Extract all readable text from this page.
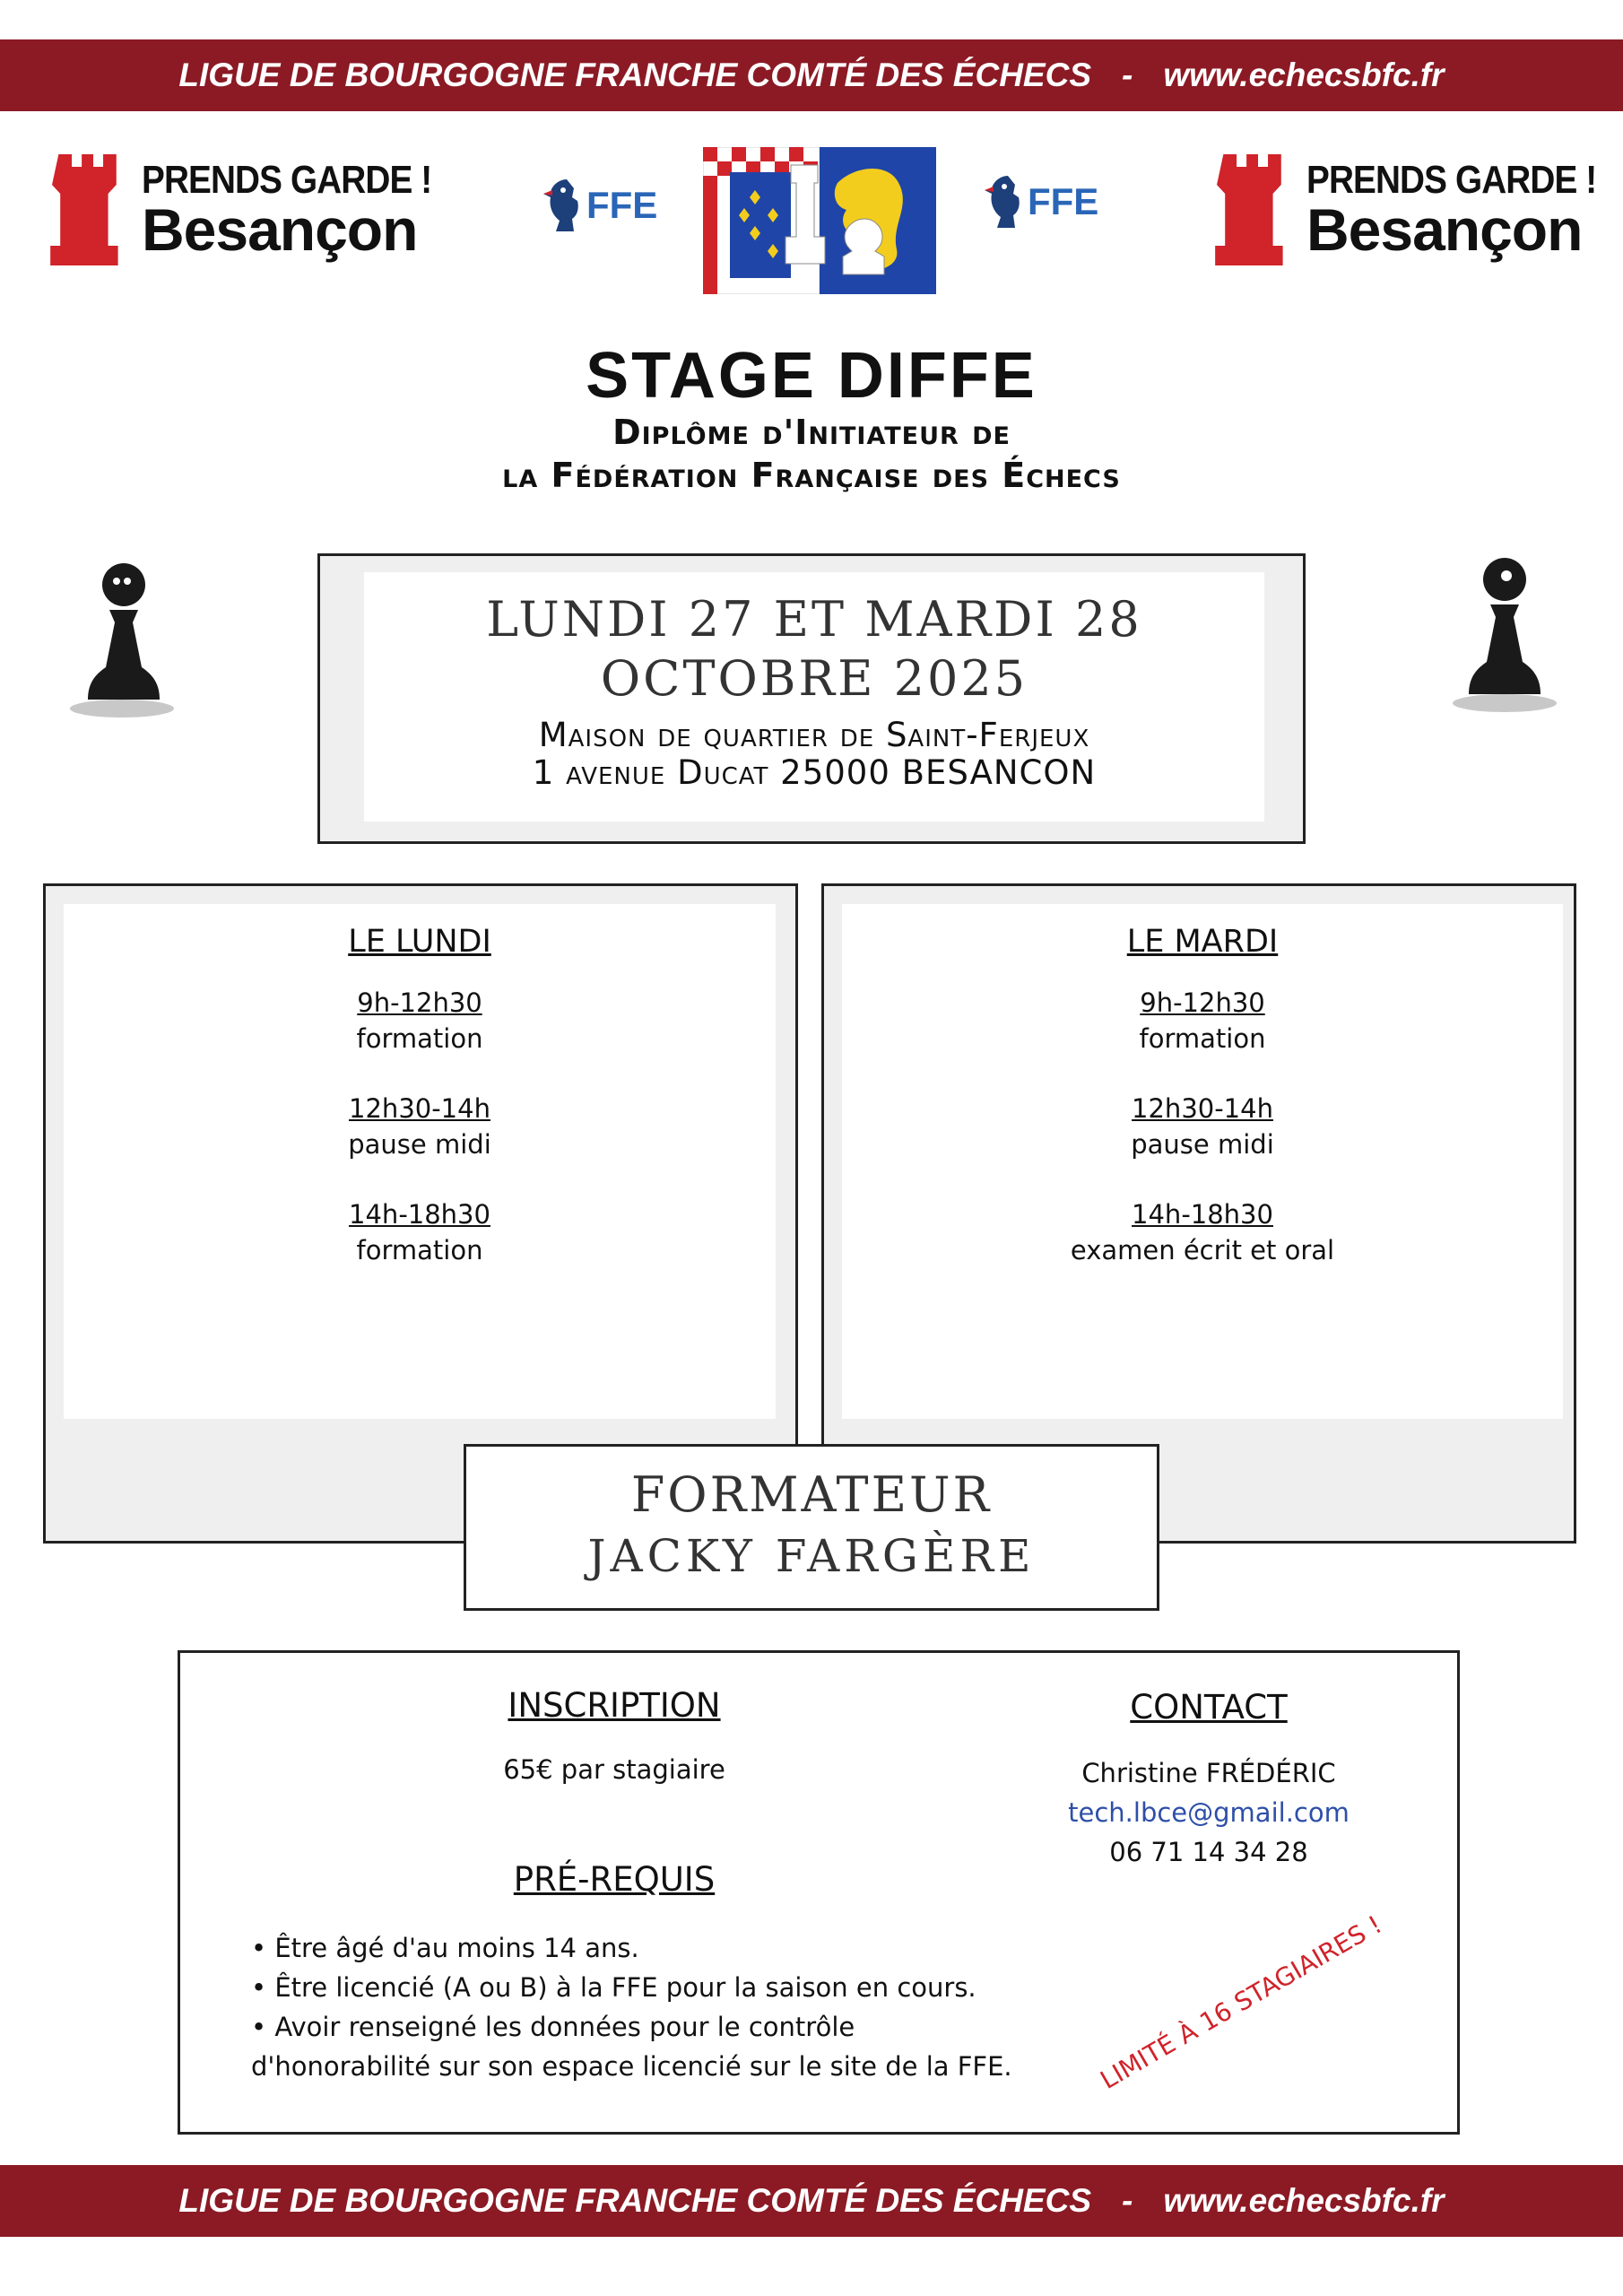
LIGUE DE BOURGOGNE FRANCHE COMTÉ DES ÉCHECS - www.echecsbfc.fr
PRENDS GARDE !
Besançon
PRENDS GARDE !
Besançon
FFE	FFE
STAGE DIFFE
Diplôme d'Initiateur de
la Fédération Française des Échecs
LUNDI 27 ET MARDI 28
OCTOBRE 2025
Maison de quartier de Saint-Ferjeux
1 avenue Ducat 25000 BESANCON
LE LUNDI
9h-12h30
formation
12h30-14h
pause midi
14h-18h30
formation
LE MARDI
9h-12h30
formation
12h30-14h
pause midi
14h-18h30
examen écrit et oral
FORMATEUR
JACKY FARGÈRE
INSCRIPTION
65€ par stagiaire
CONTACT
Christine FRÉDÉRIC
tech.lbce@gmail.com
06 71 14 34 28
PRÉ-REQUIS
• Être âgé d'au moins 14 ans.
• Être licencié (A ou B) à la FFE pour la saison en cours.
• Avoir renseigné les données pour le contrôle
d'honorabilité sur son espace licencié sur le site de la FFE.	LIMITÉ À 16 STAGIAIRES !
LIGUE DE BOURGOGNE FRANCHE COMTÉ DES ÉCHECS - www.echecsbfc.fr
